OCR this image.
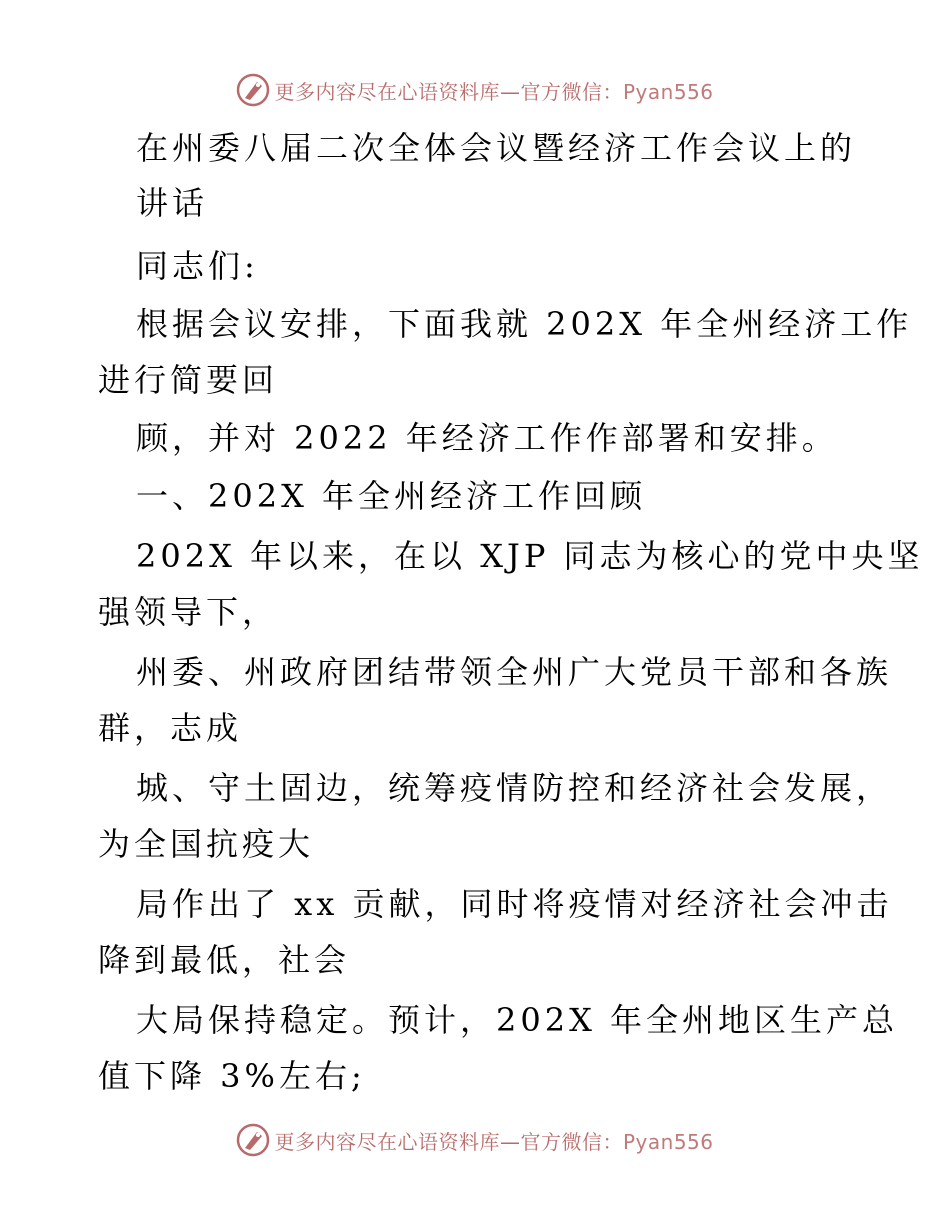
更多内容尽在心语资料库—官方微信：Pyan556
在州委八届二次全体会议暨经济工作会议上的
讲话
同志们:
根据会议安排，下面我就 202X 年全州经济工作
进行简要回
顾，并对 2022 年经济工作作部署和安排。
一、202X 年全州经济工作回顾
202X 年以来，在以 XJP 同志为核心的党中央坚
强领导下，
州委、州政府团结带领全州广大党员干部和各族
群，志成
城、守土固边，统筹疫情防控和经济社会发展，
为全国抗疫大
局作出了 xx 贡献，同时将疫情对经济社会冲击
降到最低，社会
大局保持稳定。预计，202X 年全州地区生产总
值下降 3%左右;
更多内容尽在心语资料库—官方微信：Pyan556
